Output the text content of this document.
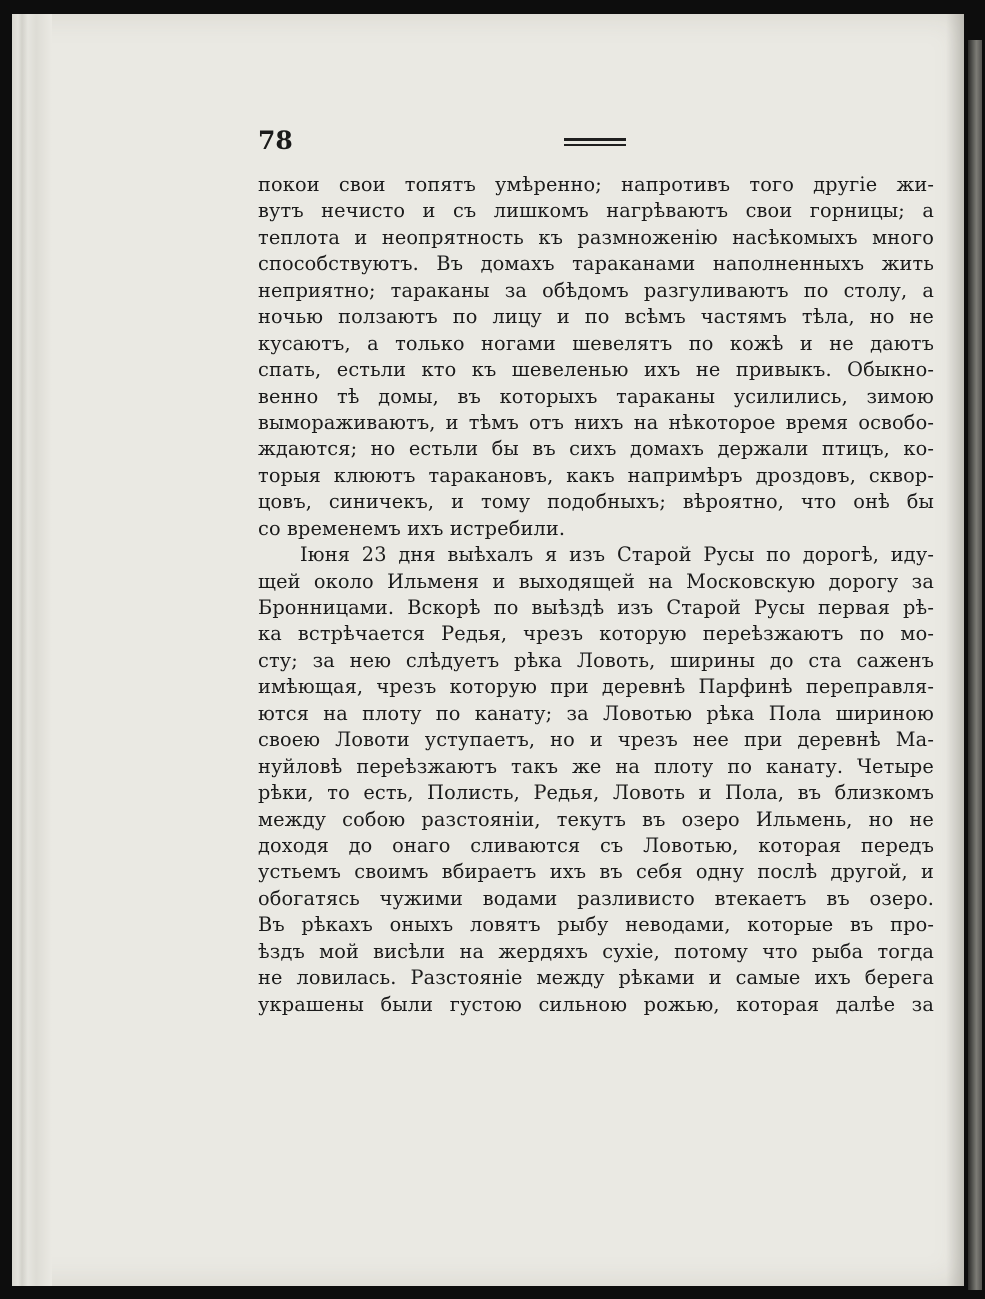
78
покои свои топятъ умѣренно; напротивъ того другіе жи-
вутъ нечисто и съ лишкомъ нагрѣваютъ свои горницы; а
теплота и неопрятность къ размноженію насѣкомыхъ много
способствуютъ. Въ домахъ тараканами наполненныхъ жить
неприятно; тараканы за обѣдомъ разгуливаютъ по столу, а
ночью ползаютъ по лицу и по всѣмъ частямъ тѣла, но не
кусаютъ, а только ногами шевелятъ по кожѣ и не даютъ
спать, естьли кто къ шевеленью ихъ не привыкъ. Обыкно-
венно тѣ домы, въ которыхъ тараканы усилились, зимою
вымораживаютъ, и тѣмъ отъ нихъ на нѣкоторое время освобо-
ждаются; но естьли бы въ сихъ домахъ держали птицъ, ко-
торыя клюютъ таракановъ, какъ напримѣръ дроздовъ, сквор-
цовъ, синичекъ, и тому подобныхъ; вѣроятно, что онѣ бы
со временемъ ихъ истребили.
Іюня 23 дня выѣхалъ я изъ Старой Русы по дорогѣ, иду-
щей около Ильменя и выходящей на Московскую дорогу за
Бронницами. Вскорѣ по выѣздѣ изъ Старой Русы первая рѣ-
ка встрѣчается Редья, чрезъ которую переѣзжаютъ по мо-
сту; за нею слѣдуетъ рѣка Ловоть, ширины до ста саженъ
имѣющая, чрезъ которую при деревнѣ Парфинѣ переправля-
ются на плоту по канату; за Ловотью рѣка Пола шириною
своею Ловоти уступаетъ, но и чрезъ нее при деревнѣ Ма-
нуйловѣ переѣзжаютъ такъ же на плоту по канату. Четыре
рѣки, то есть, Полисть, Редья, Ловоть и Пола, въ близкомъ
между собою разстояніи, текутъ въ озеро Ильмень, но не
доходя до онаго сливаются съ Ловотью, которая передъ
устьемъ своимъ вбираетъ ихъ въ себя одну послѣ другой, и
обогатясь чужими водами разливисто втекаетъ въ озеро.
Въ рѣкахъ оныхъ ловятъ рыбу неводами, которые въ про-
ѣздъ мой висѣли на жердяхъ сухіе, потому что рыба тогда
не ловилась. Разстояніе между рѣками и самые ихъ берега
украшены были густою сильною рожью, которая далѣе за
